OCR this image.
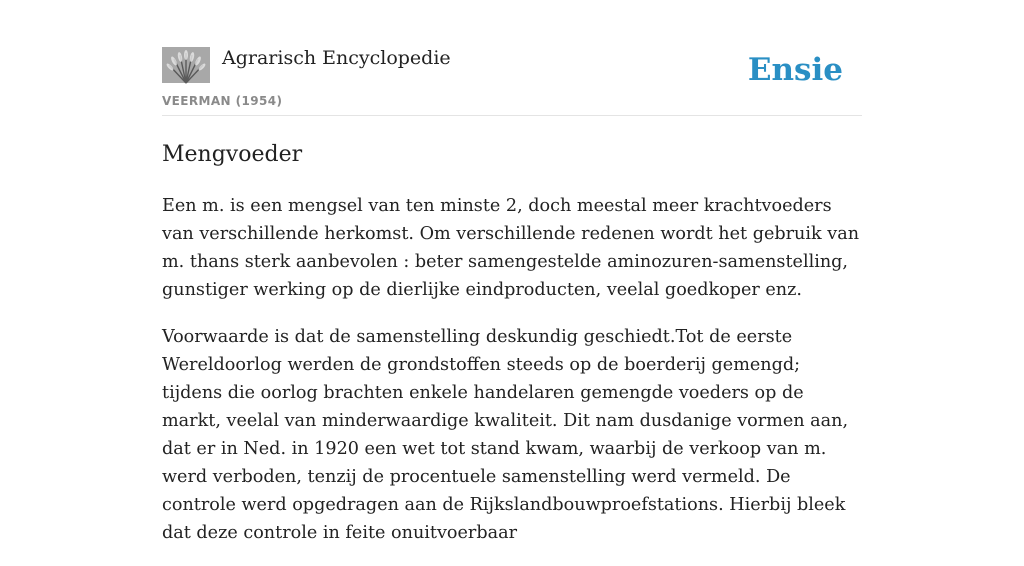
Agrarisch Encyclopedie
VEERMAN (1954)
Ensie
Mengvoeder

Een m. is een mengsel van ten minste 2, doch meestal meer krachtvoeders van verschillende herkomst. Om verschillende redenen wordt het gebruik van m. thans sterk aanbevolen : beter samengestelde aminozuren-samenstelling, gunstiger werking op de dierlijke eindproducten, veelal goedkoper enz.

Voorwaarde is dat de samenstelling deskundig geschiedt.Tot de eerste Wereldoorlog werden de grondstoffen steeds op de boerderij gemengd; tijdens die oorlog brachten enkele handelaren gemengde voeders op de markt, veelal van minderwaardige kwaliteit. Dit nam dusdanige vormen aan, dat er in Ned. in 1920 een wet tot stand kwam, waarbij de verkoop van m. werd verboden, tenzij de procentuele samenstelling werd vermeld. De controle werd opgedragen aan de Rijkslandbouwproefstations. Hierbij bleek dat deze controle in feite onuitvoerbaar
